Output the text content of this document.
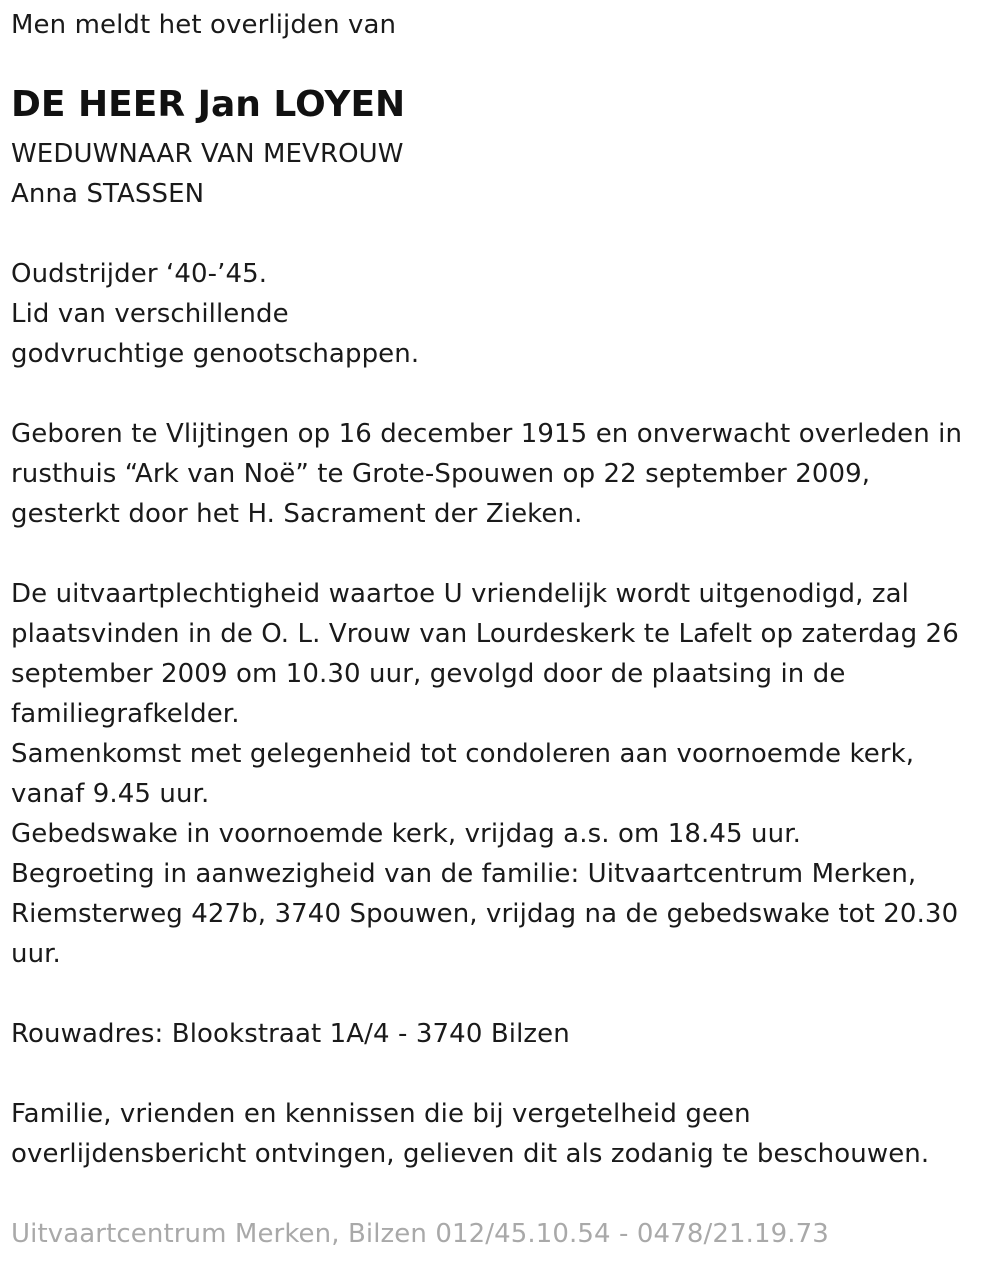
Men meldt het overlijden van
DE HEER Jan LOYEN
WEDUWNAAR VAN MEVROUW
Anna STASSEN
Oudstrijder ‘40-’45.
Lid van verschillende
godvruchtige genootschappen.
Geboren te Vlijtingen op 16 december 1915 en onverwacht overleden in
rusthuis “Ark van Noë” te Grote-Spouwen op 22 september 2009,
gesterkt door het H. Sacrament der Zieken.
De uitvaartplechtigheid waartoe U vriendelijk wordt uitgenodigd, zal
plaatsvinden in de O. L. Vrouw van Lourdeskerk te Lafelt op zaterdag 26
september 2009 om 10.30 uur, gevolgd door de plaatsing in de
familiegrafkelder.
Samenkomst met gelegenheid tot condoleren aan voornoemde kerk,
vanaf 9.45 uur.
Gebedswake in voornoemde kerk, vrijdag a.s. om 18.45 uur.
Begroeting in aanwezigheid van de familie: Uitvaartcentrum Merken,
Riemsterweg 427b, 3740 Spouwen, vrijdag na de gebedswake tot 20.30
uur.
Rouwadres: Blookstraat 1A/4 - 3740 Bilzen
Familie, vrienden en kennissen die bij vergetelheid geen
overlijdensbericht ontvingen, gelieven dit als zodanig te beschouwen.
Uitvaartcentrum Merken, Bilzen 012/45.10.54 - 0478/21.19.73
